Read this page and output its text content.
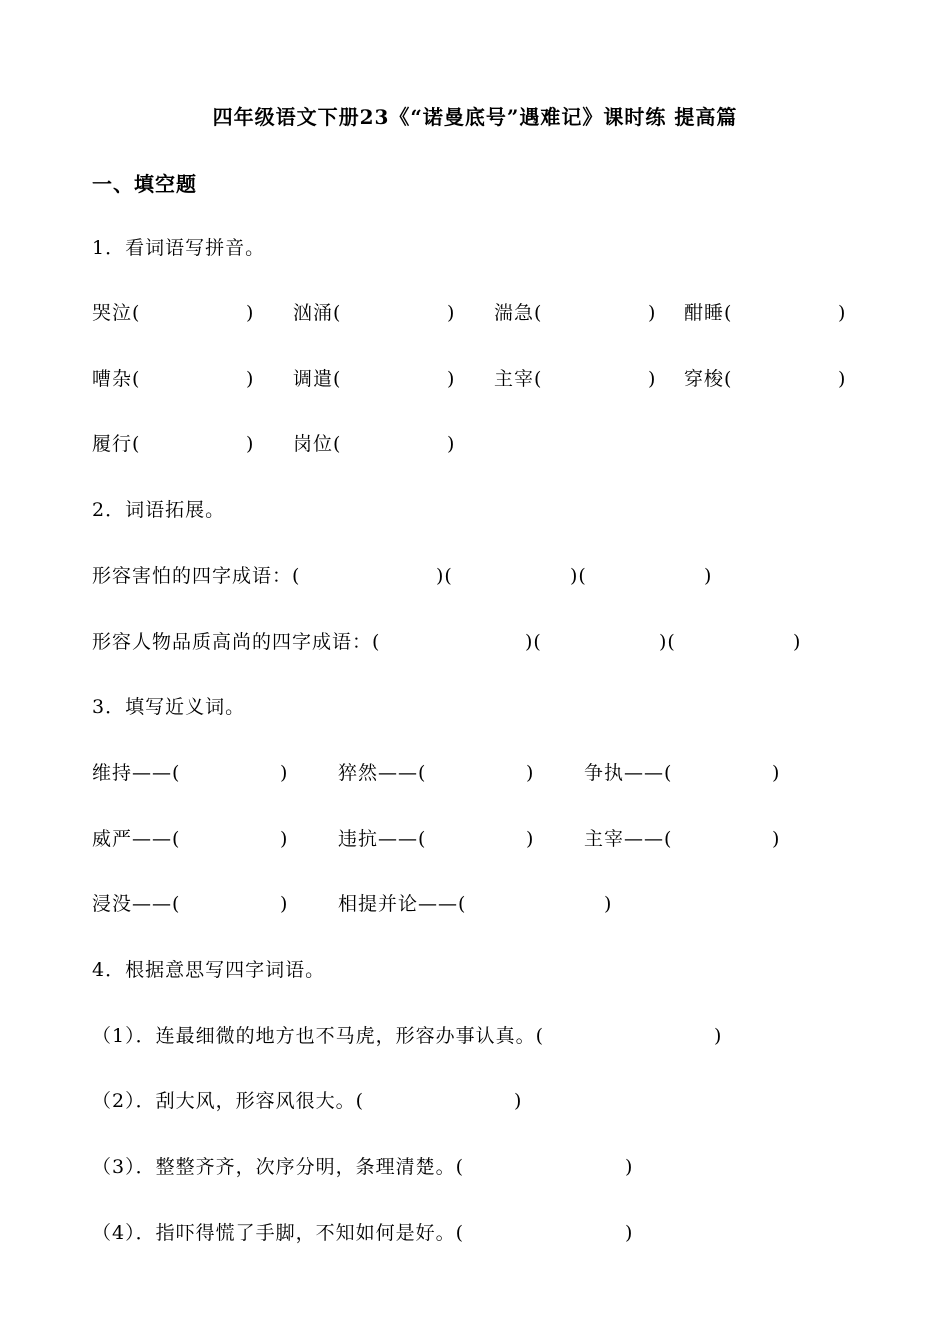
四年级语文下册23《“诺曼底号”遇难记》课时练 提高篇
一、填空题
1．看词语写拼音。
哭泣(	) 汹涌(	) 湍急(	) 酣睡(	)
嘈杂(	) 调遣(	) 主宰(	) 穿梭(	)
履行(	) 岗位(	)
2．词语拓展。
形容害怕的四字成语：(	)(	)(	)
形容人物品质高尚的四字成语：(	)(	)(	)
3．填写近义词。
维持——(	)	猝然——(	)	争执——(	)
威严——(	)	违抗——(	)	主宰——(	)
浸没——(	)	相提并论——(	)
4．根据意思写四字词语。
（1）．连最细微的地方也不马虎，形容办事认真。(	)
（2）．刮大风，形容风很大。(	)
（3）．整整齐齐，次序分明，条理清楚。(	)
（4）．指吓得慌了手脚，不知如何是好。(	)
